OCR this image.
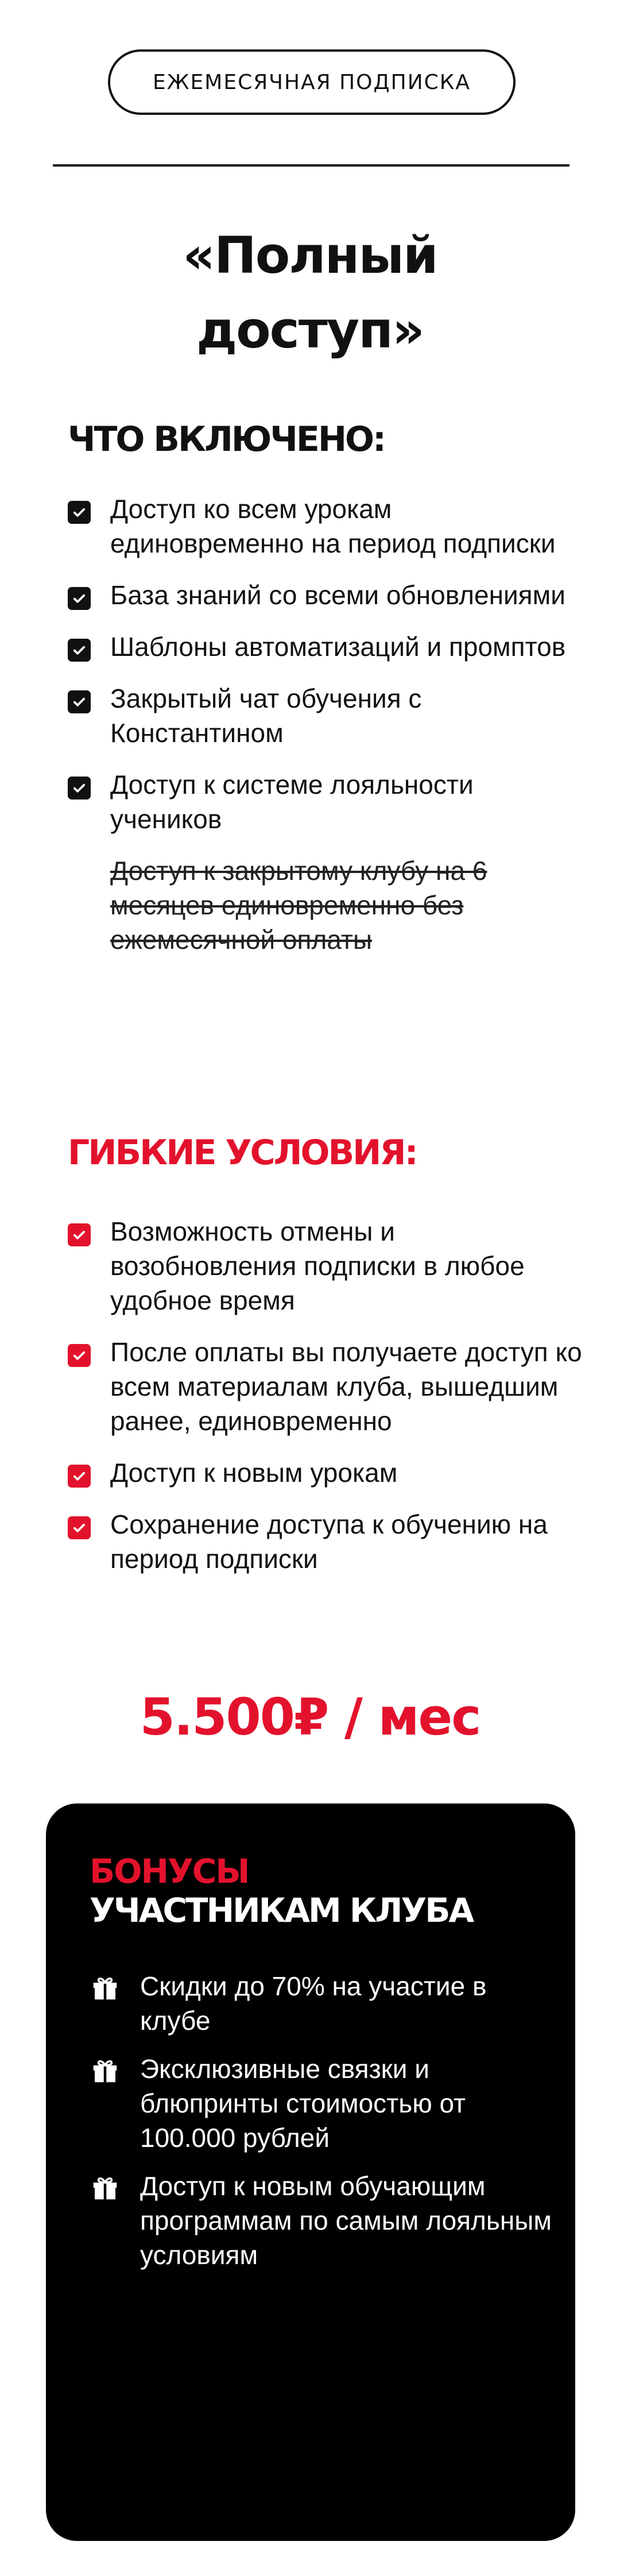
ЕЖЕМЕСЯЧНАЯ ПОДПИСКА
«Полный
доступ»
ЧТО ВКЛЮЧЕНО:
Доступ ко всем урокам единовременно на период подписки
База знаний со всеми обновлениями
Шаблоны автоматизаций и промптов
Закрытый чат обучения с Константином
Доступ к системе лояльности учеников
Доступ к закрытому клубу на 6 месяцев единовременно без ежемесячной оплаты
ГИБКИЕ УСЛОВИЯ:
Возможность отмены и возобновления подписки в любое удобное время
После оплаты вы получаете доступ ко всем материалам клуба, вышедшим ранее, единовременно
Доступ к новым урокам
Сохранение доступа к обучению на период подписки
5.500₽ / мес
БОНУСЫ
УЧАСТНИКАМ КЛУБА
Скидки до 70% на участие в клубе
Эксклюзивные связки и блюпринты стоимостью от 100.000 рублей
Доступ к новым обучающим программам по самым лояльным условиям
